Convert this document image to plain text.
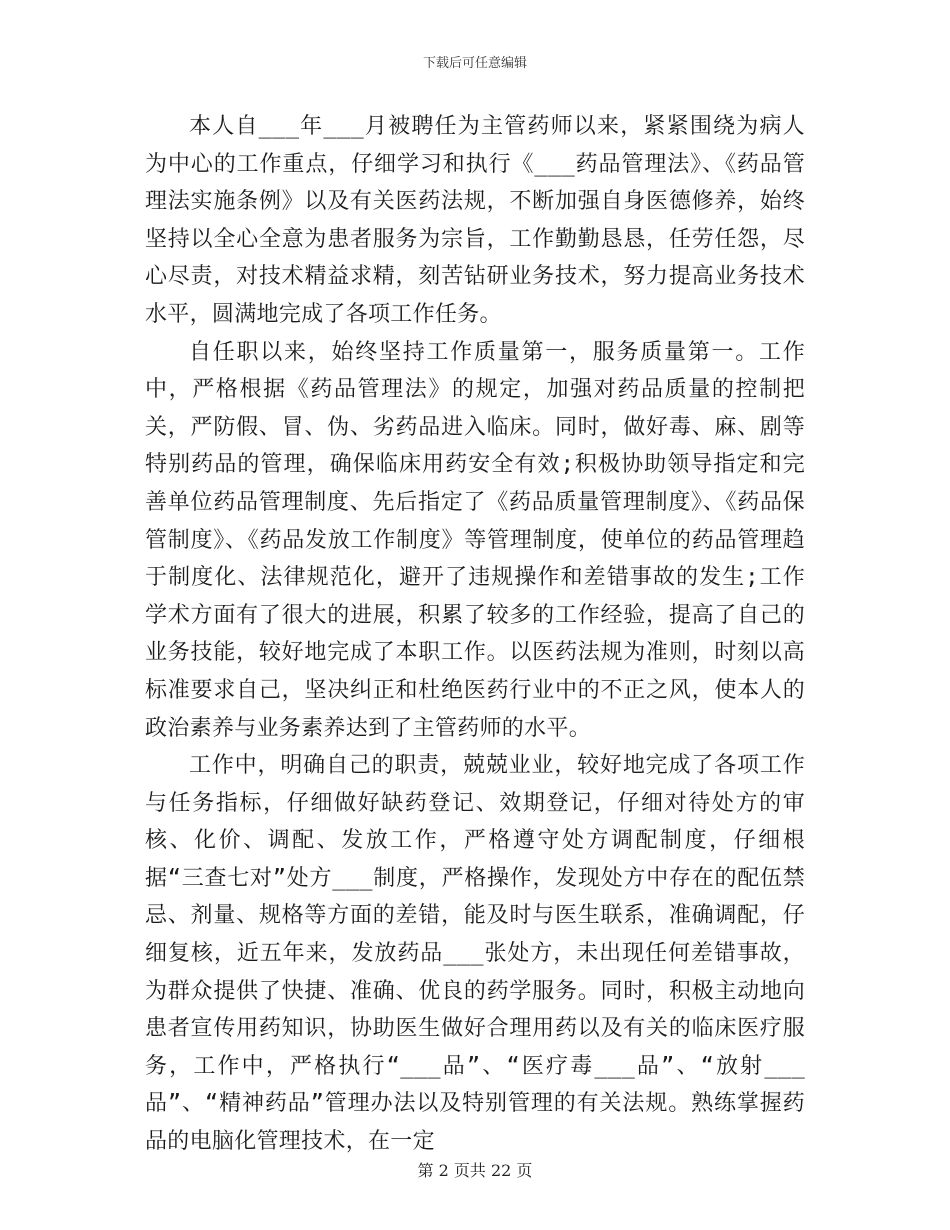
下载后可任意编辑

本人自___年___月被聘任为主管药师以来，紧紧围绕为病人为中心的工作重点，仔细学习和执行《___药品管理法》、《药品管理法实施条例》以及有关医药法规，不断加强自身医德修养，始终坚持以全心全意为患者服务为宗旨，工作勤勤恳恳，任劳任怨，尽心尽责，对技术精益求精，刻苦钻研业务技术，努力提高业务技术水平，圆满地完成了各项工作任务。

自任职以来，始终坚持工作质量第一，服务质量第一。工作中，严格根据《药品管理法》的规定，加强对药品质量的控制把关，严防假、冒、伪、劣药品进入临床。同时，做好毒、麻、剧等特别药品的管理，确保临床用药安全有效;积极协助领导指定和完善单位药品管理制度、先后指定了《药品质量管理制度》、《药品保管制度》、《药品发放工作制度》等管理制度，使单位的药品管理趋于制度化、法律规范化，避开了违规操作和差错事故的发生;工作学术方面有了很大的进展，积累了较多的工作经验，提高了自己的业务技能，较好地完成了本职工作。以医药法规为准则，时刻以高标准要求自己，坚决纠正和杜绝医药行业中的不正之风，使本人的政治素养与业务素养达到了主管药师的水平。

工作中，明确自己的职责，兢兢业业，较好地完成了各项工作与任务指标，仔细做好缺药登记、效期登记，仔细对待处方的审核、化价、调配、发放工作，严格遵守处方调配制度，仔细根据“三查七对”处方___制度，严格操作，发现处方中存在的配伍禁忌、剂量、规格等方面的差错，能及时与医生联系，准确调配，仔细复核，近五年来，发放药品___张处方，未出现任何差错事故，为群众提供了快捷、准确、优良的药学服务。同时，积极主动地向患者宣传用药知识，协助医生做好合理用药以及有关的临床医疗服务，工作中，严格执行“___品”、“医疗毒___品”、“放射___品”、“精神药品”管理办法以及特别管理的有关法规。熟练掌握药品的电脑化管理技术，在一定

第 2 页共 22 页
